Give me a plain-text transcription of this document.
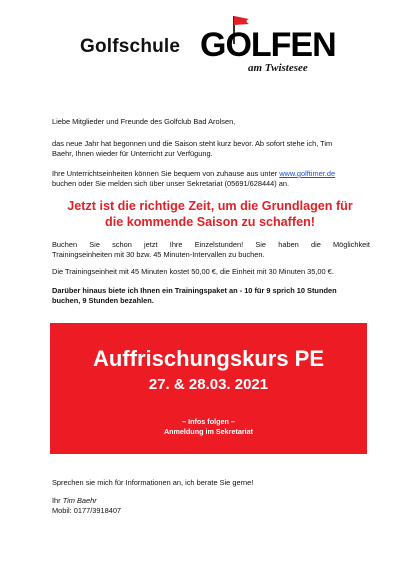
Golfschule GOLFEN
am Twistesee
Liebe Mitglieder und Freunde des Golfclub Bad Arolsen,
das neue Jahr hat begonnen und die Saison steht kurz bevor. Ab sofort stehe ich, Tim
Baehr, Ihnen wieder für Unterricht zur Verfügung.
Ihre Unterrichtseinheiten können Sie bequem von zuhause aus unter www.golftimer.de
buchen oder Sie melden sich über unser Sekretariat (05691/628444) an.
Jetzt ist die richtige Zeit, um die Grundlagen für
die kommende Saison zu schaffen!
Buchen Sie schon jetzt Ihre Einzelstunden! Sie haben die Möglichkeit
Trainingseinheiten mit 30 bzw. 45 Minuten-Intervallen zu buchen.
Die Trainingseinheit mit 45 Minuten kostet 50,00 €, die Einheit mit 30 Minuten 35,00 €.
Darüber hinaus biete ich Ihnen ein Trainingspaket an - 10 für 9 sprich 10 Stunden
buchen, 9 Stunden bezahlen.
Auffrischungskurs PE
27. & 28.03. 2021
– Infos folgen –
Anmeldung im Sekretariat
Sprechen sie mich für Informationen an, ich berate Sie gerne!
Ihr Tim Baehr
Mobil: 0177/3918407
